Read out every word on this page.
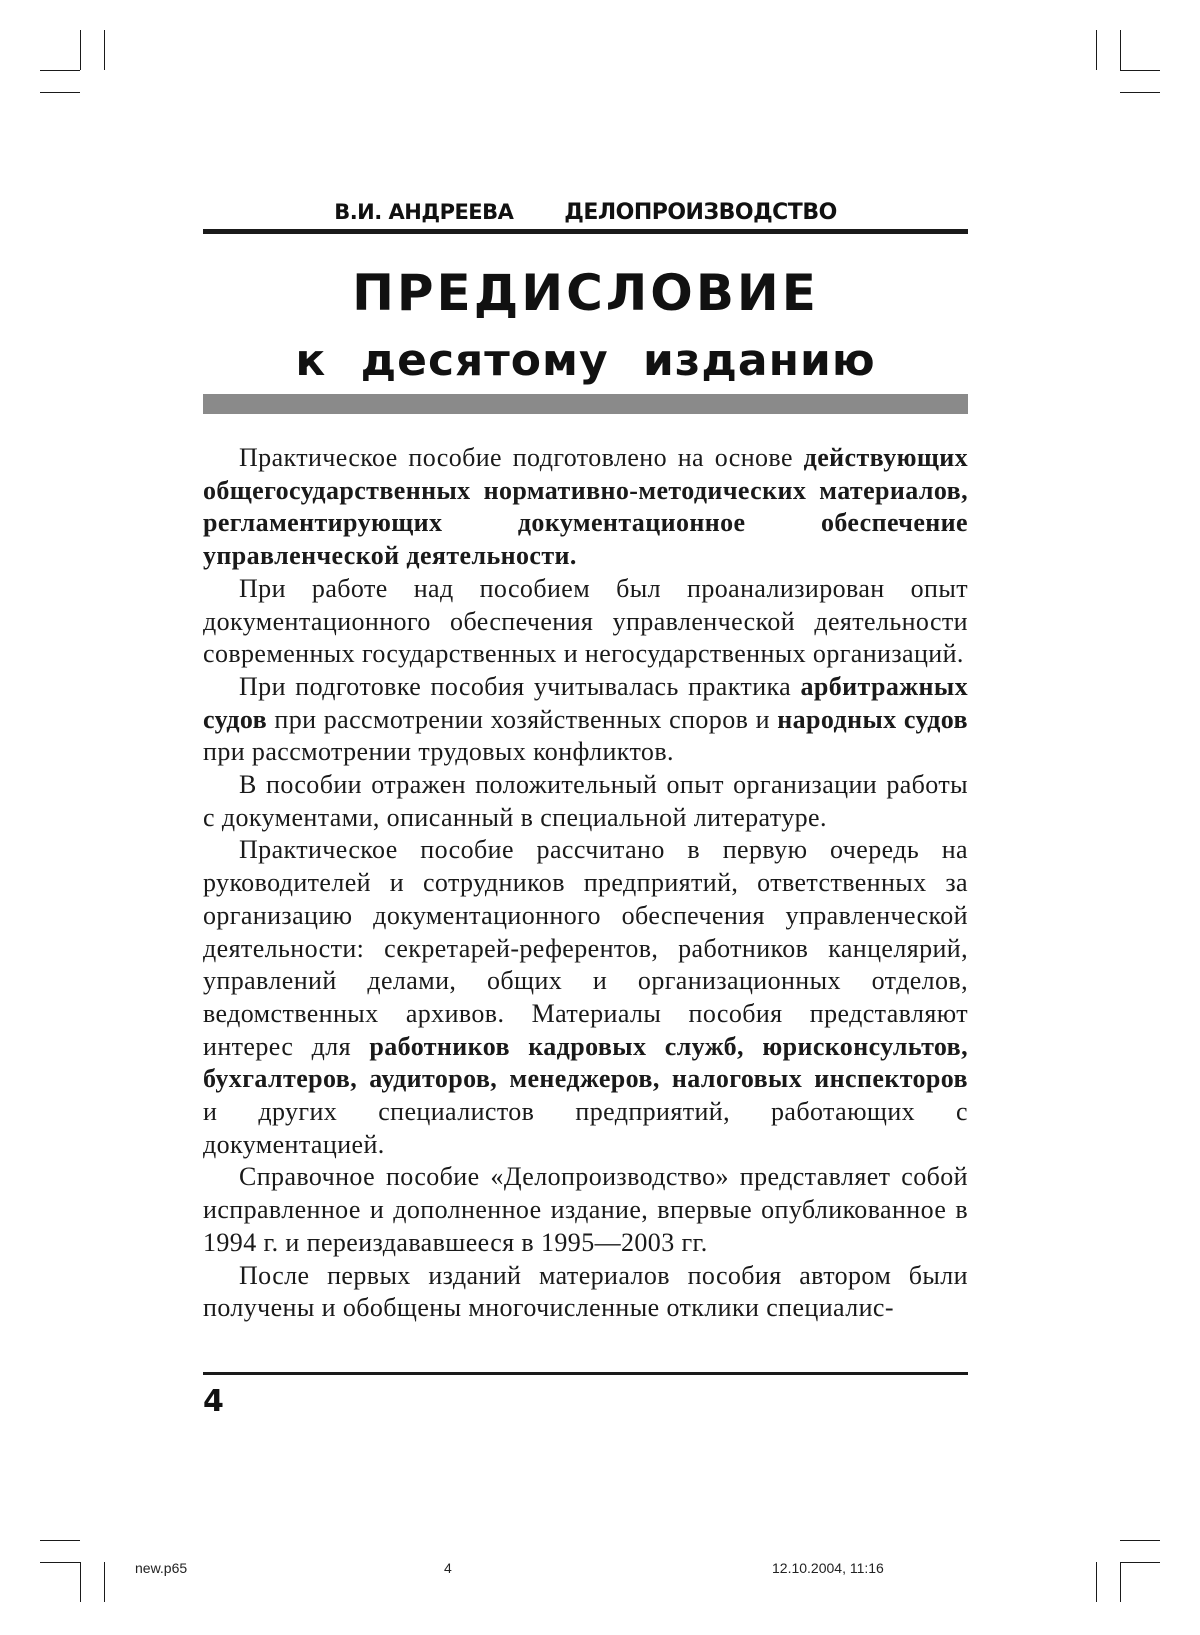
В.И. АНДРЕЕВА ДЕЛОПРОИЗВОДСТВО
ПРЕДИСЛОВИЕ
к десятому изданию

Практическое пособие подготовлено на основе действующих общегосударственных нормативно-методических материалов, регламентирующих документационное обеспечение управленческой деятельности.

При работе над пособием был проанализирован опыт документационного обеспечения управленческой деятельности современных государственных и негосударственных организаций.

При подготовке пособия учитывалась практика арбитражных судов при рассмотрении хозяйственных споров и народных судов при рассмотрении трудовых конфликтов.

В пособии отражен положительный опыт организации работы с документами, описанный в специальной литературе.

Практическое пособие рассчитано в первую очередь на руководителей и сотрудников предприятий, ответственных за организацию документационного обеспечения управленческой деятельности: секретарей-референтов, работников канцелярий, управлений делами, общих и организационных отделов, ведомственных архивов. Материалы пособия представляют интерес для работников кадровых служб, юрисконсультов, бухгалтеров, аудиторов, менеджеров, налоговых инспекторов и других специалистов предприятий, работающих с документацией.

Справочное пособие «Делопроизводство» представляет собой исправленное и дополненное издание, впервые опубликованное в 1994 г. и переиздававшееся в 1995—2003 гг.

После первых изданий материалов пособия автором были получены и обобщены многочисленные отклики специалис-

4
new.p65	4	12.10.2004, 11:16
